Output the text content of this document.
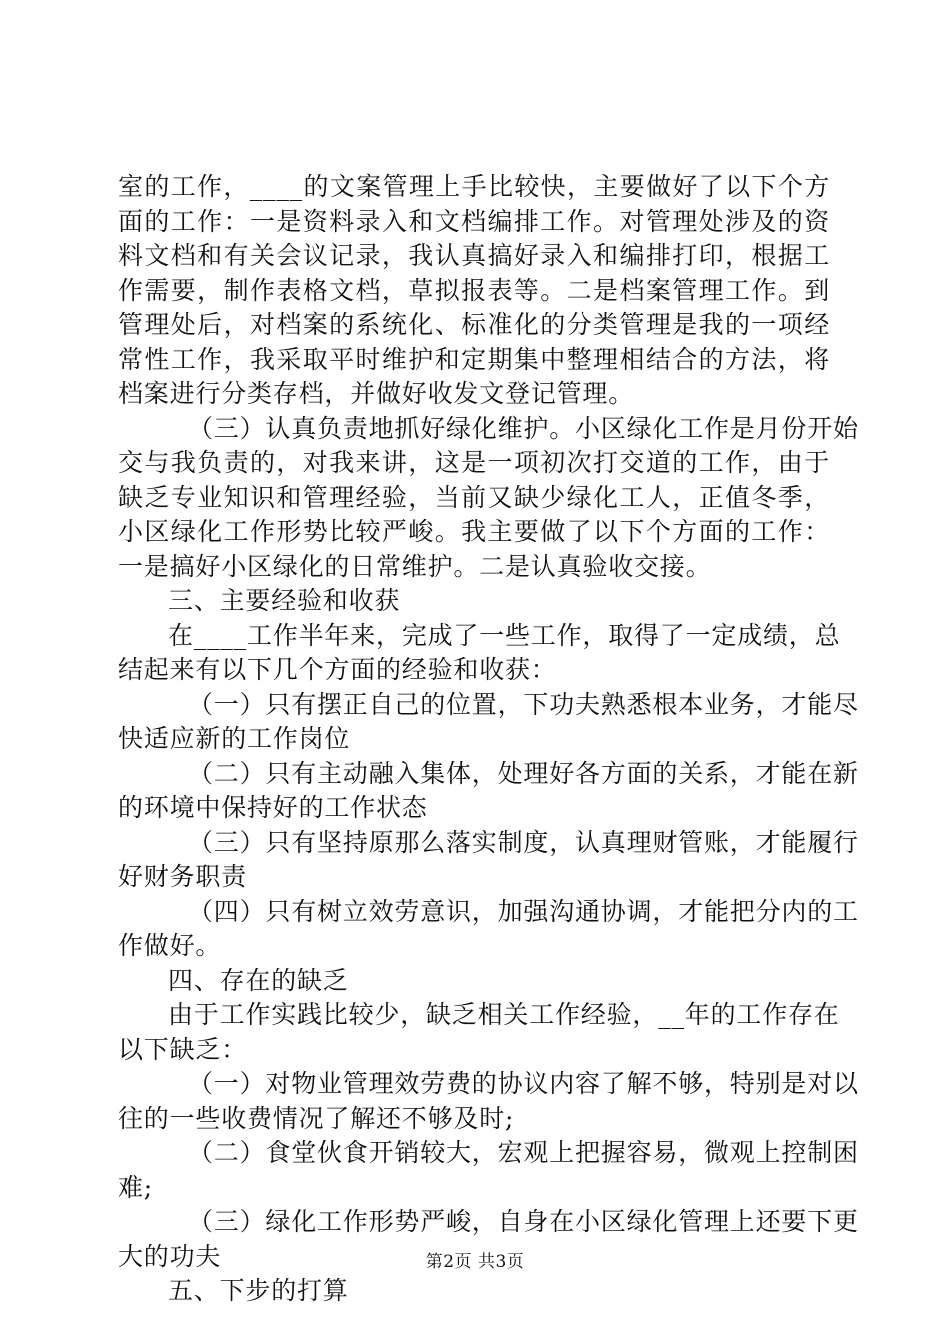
室的工作，____的文案管理上手比较快，主要做好了以下个方
面的工作：一是资料录入和文档编排工作。对管理处涉及的资
料文档和有关会议记录，我认真搞好录入和编排打印，根据工
作需要，制作表格文档，草拟报表等。二是档案管理工作。到
管理处后，对档案的系统化、标准化的分类管理是我的一项经
常性工作，我采取平时维护和定期集中整理相结合的方法，将
档案进行分类存档，并做好收发文登记管理。
（三）认真负责地抓好绿化维护。小区绿化工作是月份开始
交与我负责的，对我来讲，这是一项初次打交道的工作，由于
缺乏专业知识和管理经验，当前又缺少绿化工人，正值冬季，
小区绿化工作形势比较严峻。我主要做了以下个方面的工作：
一是搞好小区绿化的日常维护。二是认真验收交接。
三、主要经验和收获
在____工作半年来，完成了一些工作，取得了一定成绩，总
结起来有以下几个方面的经验和收获：
（一）只有摆正自己的位置，下功夫熟悉根本业务，才能尽
快适应新的工作岗位
（二）只有主动融入集体，处理好各方面的关系，才能在新
的环境中保持好的工作状态
（三）只有坚持原那么落实制度，认真理财管账，才能履行
好财务职责
（四）只有树立效劳意识，加强沟通协调，才能把分内的工
作做好。
四、存在的缺乏
由于工作实践比较少，缺乏相关工作经验，__年的工作存在
以下缺乏：
（一）对物业管理效劳费的协议内容了解不够，特别是对以
往的一些收费情况了解还不够及时;
（二）食堂伙食开销较大，宏观上把握容易，微观上控制困
难;
（三）绿化工作形势严峻，自身在小区绿化管理上还要下更
大的功夫
五、下步的打算
第2页 共3页
